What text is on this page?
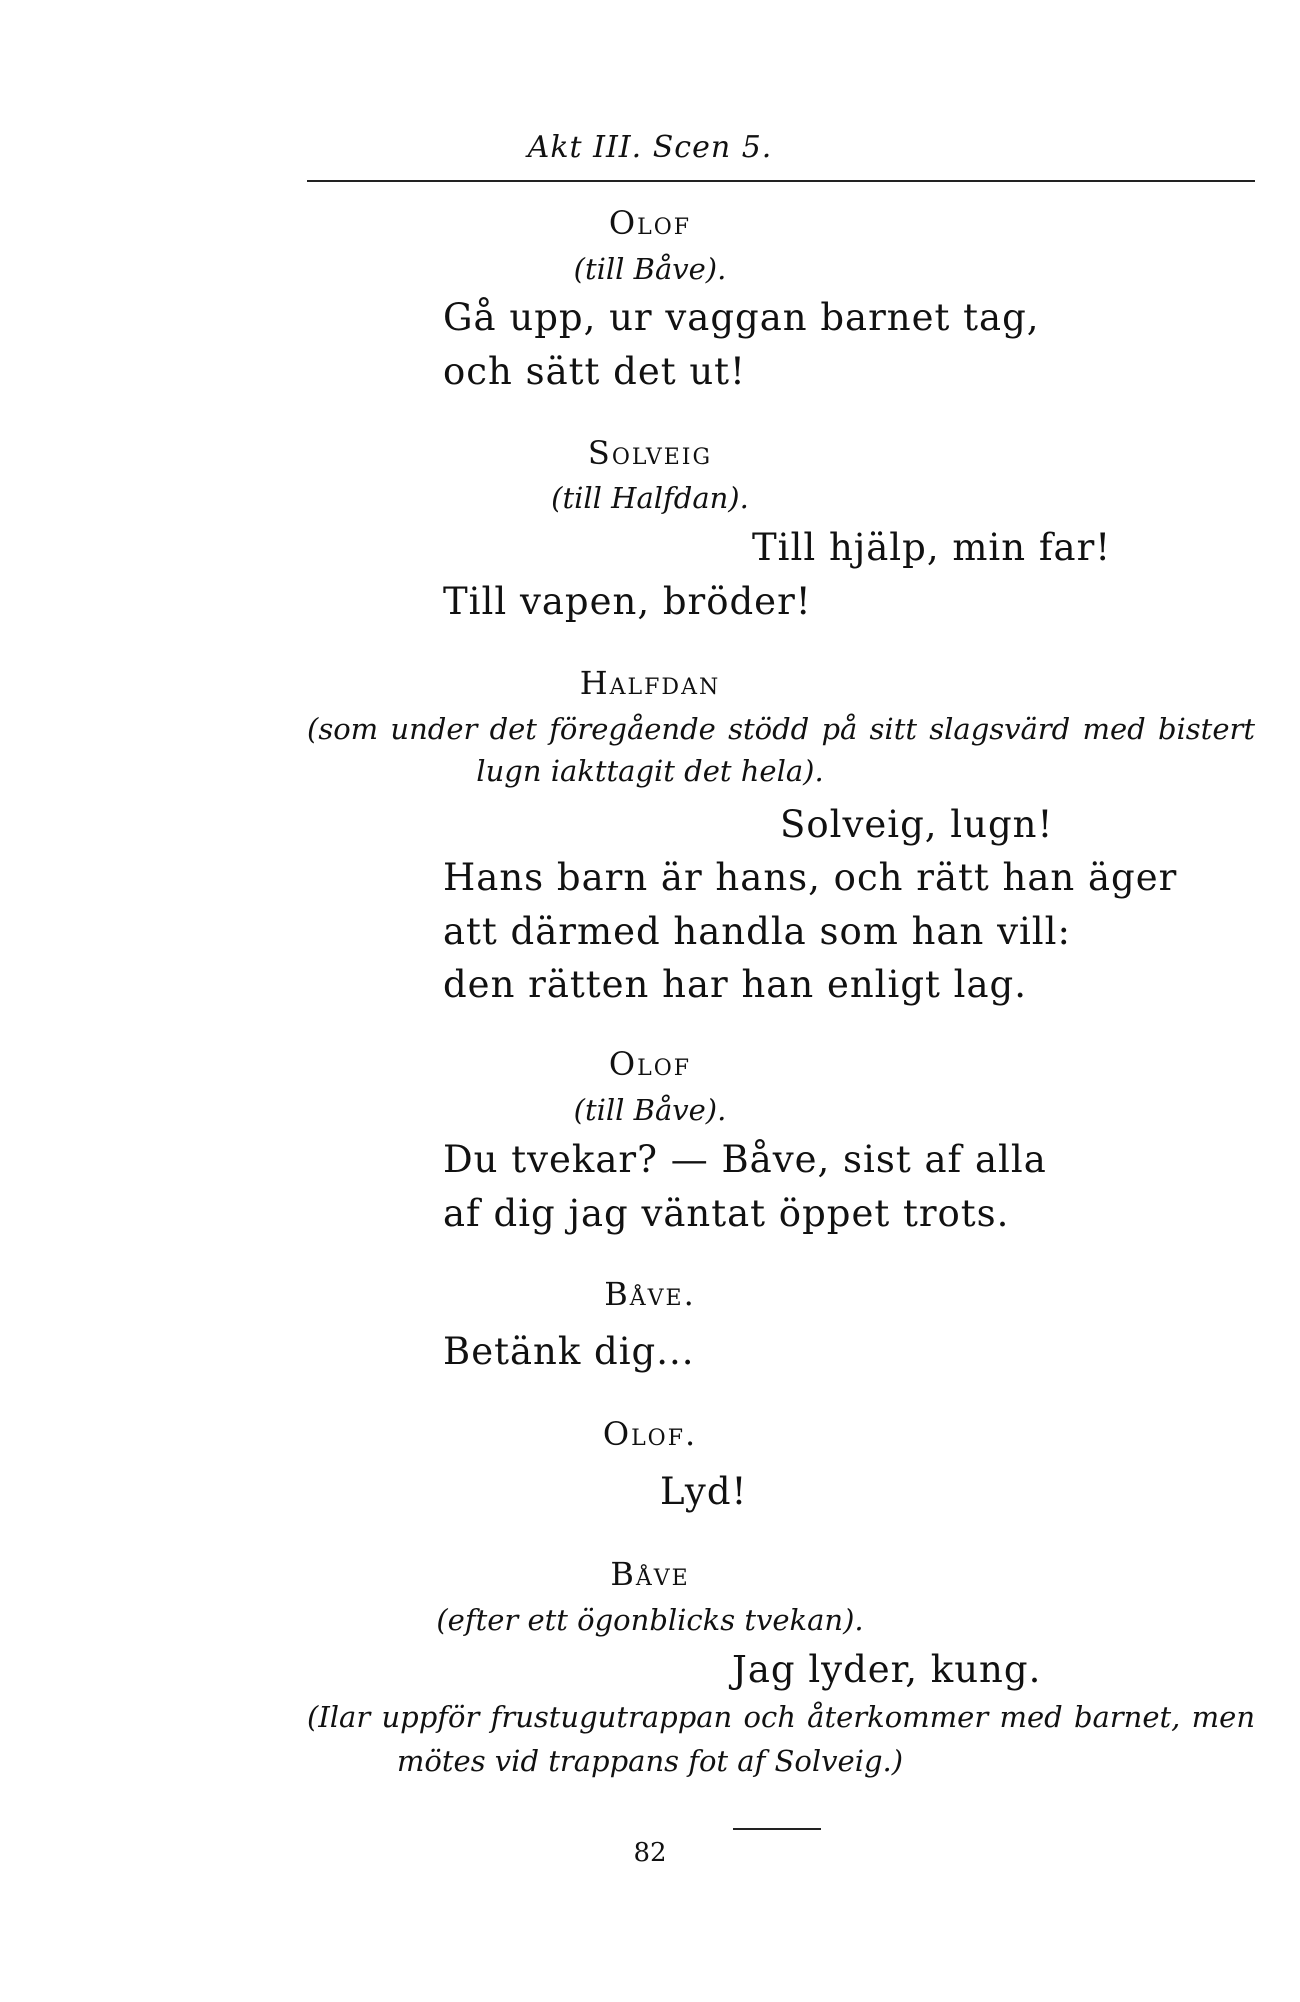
Akt III. Scen 5.
Olof
(till Båve).
Gå upp, ur vaggan barnet tag,
och sätt det ut!
Solveig
(till Halfdan).
Till hjälp, min far!
Till vapen, bröder!
Halfdan
(som under det föregående stödd på sitt slagsvärd med bistert
lugn iakttagit det hela).
Solveig, lugn!
Hans barn är hans, och rätt han äger
att därmed handla som han vill:
den rätten har han enligt lag.
Olof
(till Båve).
Du tvekar? — Båve, sist af alla
af dig jag väntat öppet trots.
Båve.
Betänk dig...
Olof.
Lyd!
Båve
(efter ett ögonblicks tvekan).
Jag lyder, kung.
(Ilar uppför frustugutrappan och återkommer med barnet, men
mötes vid trappans fot af Solveig.)
82
